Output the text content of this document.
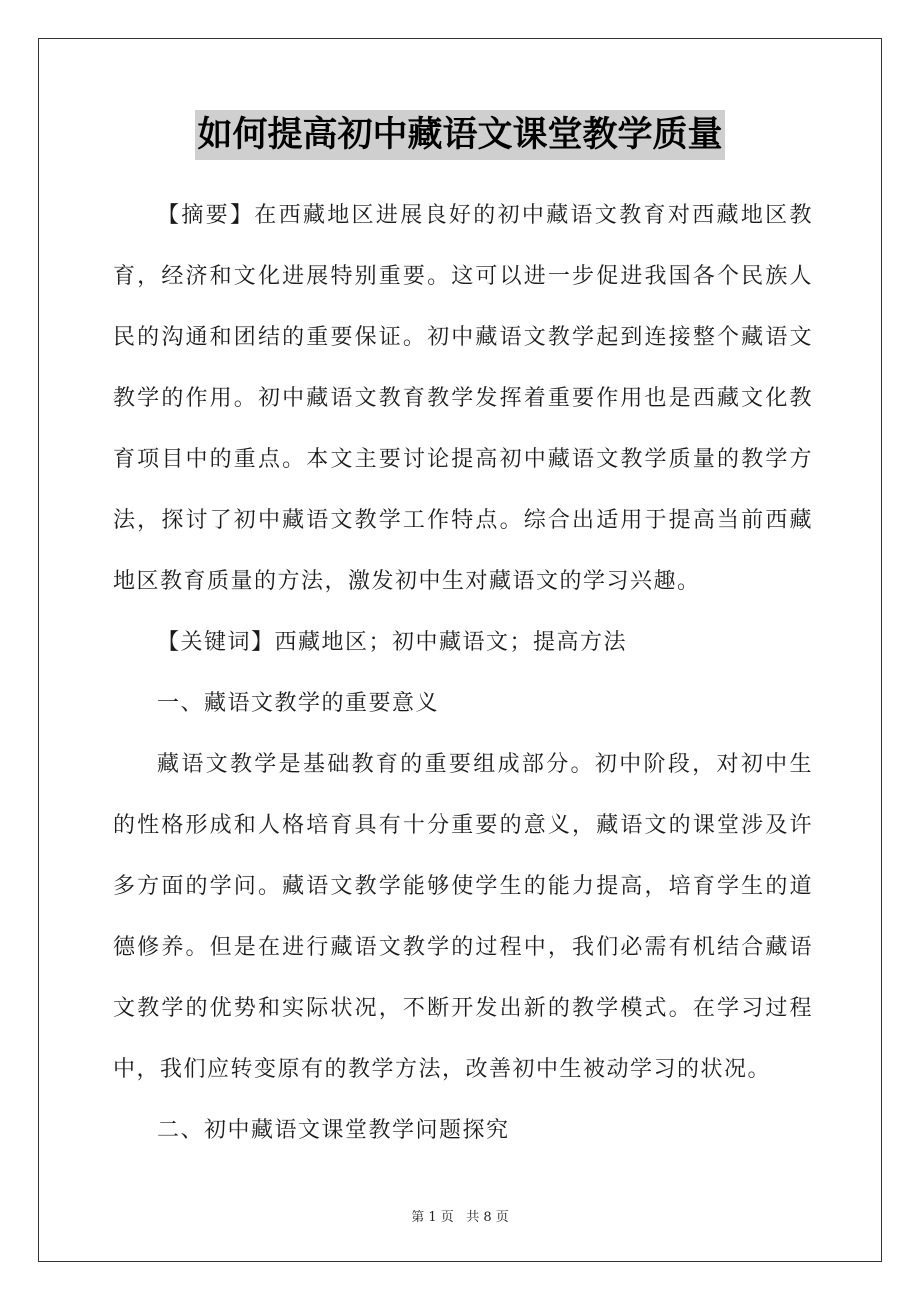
如何提高初中藏语文课堂教学质量

【摘要】在西藏地区进展良好的初中藏语文教育对西藏地区教育，经济和文化进展特别重要。这可以进一步促进我国各个民族人民的沟通和团结的重要保证。初中藏语文教学起到连接整个藏语文教学的作用。初中藏语文教育教学发挥着重要作用也是西藏文化教育项目中的重点。本文主要讨论提高初中藏语文教学质量的教学方法，探讨了初中藏语文教学工作特点。综合出适用于提高当前西藏地区教育质量的方法，激发初中生对藏语文的学习兴趣。

【关键词】西藏地区；初中藏语文；提高方法

一、藏语文教学的重要意义

藏语文教学是基础教育的重要组成部分。初中阶段，对初中生的性格形成和人格培育具有十分重要的意义，藏语文的课堂涉及许多方面的学问。藏语文教学能够使学生的能力提高，培育学生的道德修养。但是在进行藏语文教学的过程中，我们必需有机结合藏语文教学的优势和实际状况，不断开发出新的教学模式。在学习过程中，我们应转变原有的教学方法，改善初中生被动学习的状况。

二、初中藏语文课堂教学问题探究

第 1 页 共 8 页
